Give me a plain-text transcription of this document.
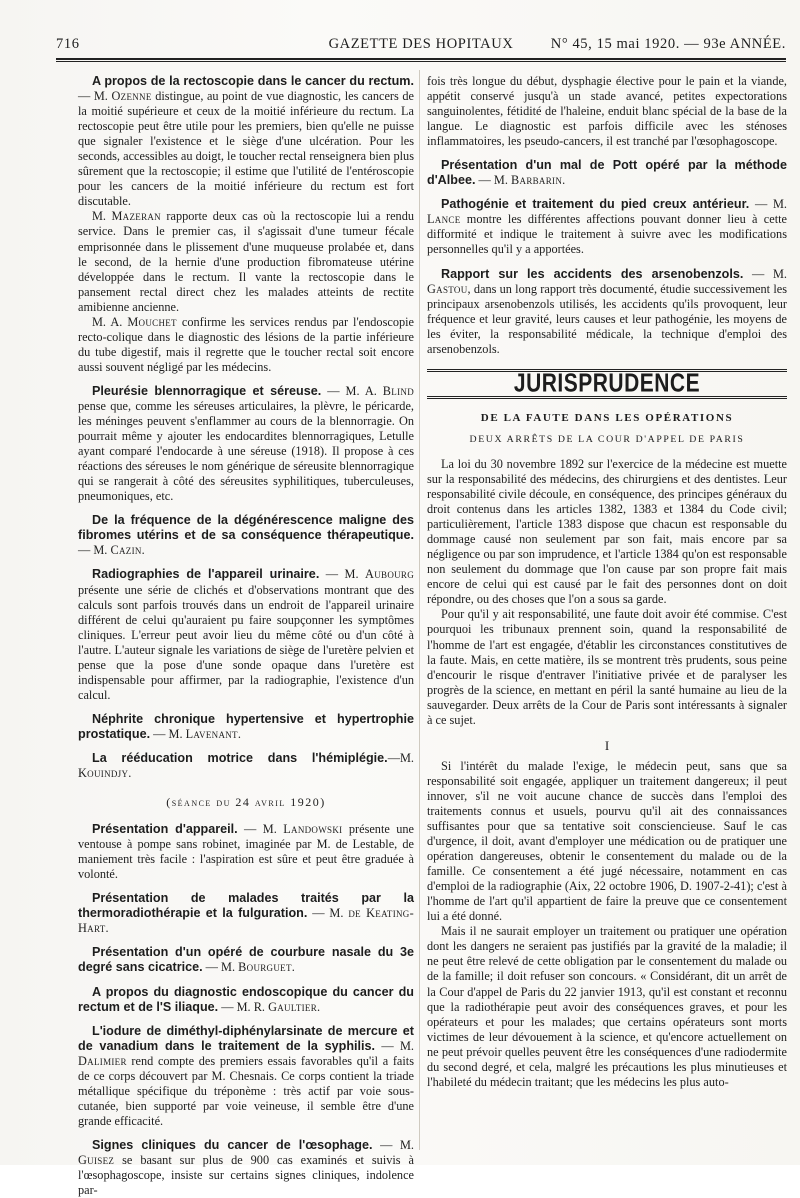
716	GAZETTE DES HOPITAUX	N° 45, 15 mai 1920. — 93e ANNÉE.

A propos de la rectoscopie dans le cancer du rectum. — M. Ozenne distingue, au point de vue diagnostic, les cancers de la moitié supérieure et ceux de la moitié inférieure du rectum. La rectoscopie peut être utile pour les premiers, bien qu'elle ne puisse que signaler l'existence et le siège d'une ulcération. Pour les seconds, accessibles au doigt, le toucher rectal renseignera bien plus sûrement que la rectoscopie; il estime que l'utilité de l'entéroscopie pour les cancers de la moitié inférieure du rectum est fort discutable.

M. Mazeran rapporte deux cas où la rectoscopie lui a rendu service. Dans le premier cas, il s'agissait d'une tumeur fécale emprisonnée dans le plissement d'une muqueuse prolabée et, dans le second, de la hernie d'une production fibromateuse utérine développée dans le rectum. Il vante la rectoscopie dans le pansement rectal direct chez les malades atteints de rectite amibienne ancienne.

M. A. Mouchet confirme les services rendus par l'endoscopie recto-colique dans le diagnostic des lésions de la partie inférieure du tube digestif, mais il regrette que le toucher rectal soit encore aussi souvent négligé par les médecins.

Pleurésie blennorragique et séreuse. — M. A. Blind pense que, comme les séreuses articulaires, la plèvre, le péricarde, les méninges peuvent s'enflammer au cours de la blennorragie. On pourrait même y ajouter les endocardites blennorragiques, Letulle ayant comparé l'endocarde à une séreuse (1918). Il propose à ces réactions des séreuses le nom générique de séreusite blennorragique qui se rangerait à côté des séreusites syphilitiques, tuberculeuses, pneumoniques, etc.

De la fréquence de la dégénérescence maligne des fibromes utérins et de sa conséquence thérapeutique. — M. Cazin.

Radiographies de l'appareil urinaire. — M. Aubourg présente une série de clichés et d'observations montrant que des calculs sont parfois trouvés dans un endroit de l'appareil urinaire différent de celui qu'auraient pu faire soupçonner les symptômes cliniques. L'erreur peut avoir lieu du même côté ou d'un côté à l'autre. L'auteur signale les variations de siège de l'uretère pelvien et pense que la pose d'une sonde opaque dans l'uretère est indispensable pour affirmer, par la radiographie, l'existence d'un calcul.

Néphrite chronique hypertensive et hypertrophie prostatique. — M. Lavenant.

La rééducation motrice dans l'hémiplégie.—M. Kouindjy.

(séance du 24 avril 1920)

Présentation d'appareil. — M. Landowski présente une ventouse à pompe sans robinet, imaginée par M. de Lestable, de maniement très facile : l'aspiration est sûre et peut être graduée à volonté.

Présentation de malades traités par la thermoradiothérapie et la fulguration. — M. de Keating-Hart.

Présentation d'un opéré de courbure nasale du 3e degré sans cicatrice. — M. Bourguet.

A propos du diagnostic endoscopique du cancer du rectum et de l'S iliaque. — M. R. Gaultier.

L'iodure de diméthyl-diphénylarsinate de mercure et de vanadium dans le traitement de la syphilis. — M. Dalimier rend compte des premiers essais favorables qu'il a faits de ce corps découvert par M. Chesnais. Ce corps contient la triade métallique spécifique du tréponème : très actif par voie sous-cutanée, bien supporté par voie veineuse, il semble être d'une grande efficacité.

Signes cliniques du cancer de l'œsophage. — M. Guisez se basant sur plus de 900 cas examinés et suivis à l'œsophagoscope, insiste sur certains signes cliniques, indolence par-

fois très longue du début, dysphagie élective pour le pain et la viande, appétit conservé jusqu'à un stade avancé, petites expectorations sanguinolentes, fétidité de l'haleine, enduit blanc spécial de la base de la langue. Le diagnostic est parfois difficile avec les sténoses inflammatoires, les pseudo-cancers, il est tranché par l'œsophagoscope.

Présentation d'un mal de Pott opéré par la méthode d'Albee. — M. Barbarin.

Pathogénie et traitement du pied creux antérieur. — M. Lance montre les différentes affections pouvant donner lieu à cette difformité et indique le traitement à suivre avec les modifications personnelles qu'il y a apportées.

Rapport sur les accidents des arsenobenzols. — M. Gastou, dans un long rapport très documenté, étudie successivement les principaux arsenobenzols utilisés, les accidents qu'ils provoquent, leur fréquence et leur gravité, leurs causes et leur pathogénie, les moyens de les éviter, la responsabilité médicale, la technique d'emploi des arsenobenzols.

JURISPRUDENCE
DE LA FAUTE DANS LES OPÉRATIONS
DEUX ARRÊTS DE LA COUR D'APPEL DE PARIS

La loi du 30 novembre 1892 sur l'exercice de la médecine est muette sur la responsabilité des médecins, des chirurgiens et des dentistes. Leur responsabilité civile découle, en conséquence, des principes généraux du droit contenus dans les articles 1382, 1383 et 1384 du Code civil; particulièrement, l'article 1383 dispose que chacun est responsable du dommage causé non seulement par son fait, mais encore par sa négligence ou par son imprudence, et l'article 1384 qu'on est responsable non seulement du dommage que l'on cause par son propre fait mais encore de celui qui est causé par le fait des personnes dont on doit répondre, ou des choses que l'on a sous sa garde.

Pour qu'il y ait responsabilité, une faute doit avoir été commise. C'est pourquoi les tribunaux prennent soin, quand la responsabilité de l'homme de l'art est engagée, d'établir les circonstances constitutives de la faute. Mais, en cette matière, ils se montrent très prudents, sous peine d'encourir le risque d'entraver l'initiative privée et de paralyser les progrès de la science, en mettant en péril la santé humaine au lieu de la sauvegarder. Deux arrêts de la Cour de Paris sont intéressants à signaler à ce sujet.

I

Si l'intérêt du malade l'exige, le médecin peut, sans que sa responsabilité soit engagée, appliquer un traitement dangereux; il peut innover, s'il ne voit aucune chance de succès dans l'emploi des traitements connus et usuels, pourvu qu'il ait des connaissances suffisantes pour que sa tentative soit consciencieuse. Sauf le cas d'urgence, il doit, avant d'employer une médication ou de pratiquer une opération dangereuses, obtenir le consentement du malade ou de la famille. Ce consentement a été jugé nécessaire, notamment en cas d'emploi de la radiographie (Aix, 22 octobre 1906, D. 1907-2-41); c'est à l'homme de l'art qu'il appartient de faire la preuve que ce consentement lui a été donné.

Mais il ne saurait employer un traitement ou pratiquer une opération dont les dangers ne seraient pas justifiés par la gravité de la maladie; il ne peut être relevé de cette obligation par le consentement du malade ou de la famille; il doit refuser son concours. « Considérant, dit un arrêt de la Cour d'appel de Paris du 22 janvier 1913, qu'il est constant et reconnu que la radiothérapie peut avoir des conséquences graves, et pour les opérateurs et pour les malades; que certains opérateurs sont morts victimes de leur dévouement à la science, et qu'encore actuellement on ne peut prévoir quelles peuvent être les conséquences d'une radiodermite du second degré, et cela, malgré les précautions les plus minutieuses et l'habileté du médecin traitant; que les médecins les plus auto-
